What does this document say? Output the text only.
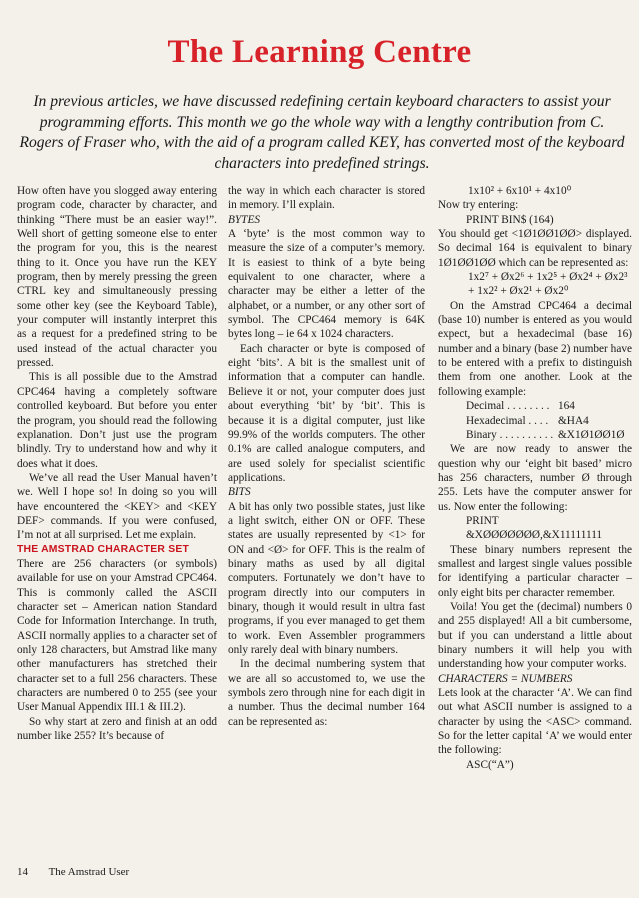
The Learning Centre
In previous articles, we have discussed redefining certain keyboard characters to assist your programming efforts. This month we go the whole way with a lengthy contribution from C. Rogers of Fraser who, with the aid of a program called KEY, has converted most of the keyboard characters into predefined strings.

How often have you slogged away entering program code, character by character, and thinking “There must be an easier way!”. Well short of getting someone else to enter the program for you, this is the nearest thing to it. Once you have run the KEY program, then by merely pressing the green CTRL key and simultaneously pressing some other key (see the Keyboard Table), your computer will instantly interpret this as a request for a predefined string to be used instead of the actual character you pressed.

This is all possible due to the Amstrad CPC464 having a completely software controlled keyboard. But before you enter the program, you should read the following explanation. Don’t just use the program blindly. Try to understand how and why it does what it does.

We’ve all read the User Manual haven’t we. Well I hope so! In doing so you will have encountered the <KEY> and <KEY DEF> commands. If you were confused, I’m not at all surprised. Let me explain.

THE AMSTRAD CHARACTER SET

There are 256 characters (or symbols) available for use on your Amstrad CPC464. This is commonly called the ASCII character set – American nation Standard Code for Information Interchange. In truth, ASCII normally applies to a character set of only 128 characters, but Amstrad like many other manufacturers has stretched their character set to a full 256 characters. These characters are numbered 0 to 255 (see your User Manual Appendix III.1 & III.2).

So why start at zero and finish at an odd number like 255? It’s because of

the way in which each character is stored in memory. I’ll explain.

BYTES

A ‘byte’ is the most common way to measure the size of a computer’s memory. It is easiest to think of a byte being equivalent to one character, where a character may be either a letter of the alphabet, or a number, or any other sort of symbol. The CPC464 memory is 64K bytes long – ie 64 x 1024 characters.

Each character or byte is composed of eight ‘bits’. A bit is the smallest unit of information that a computer can handle. Believe it or not, your computer does just about everything ‘bit’ by ‘bit’. This is because it is a digital computer, just like 99.9% of the worlds computers. The other 0.1% are called analogue computers, and are used solely for specialist scientific applications.

BITS

A bit has only two possible states, just like a light switch, either ON or OFF. These states are usually represented by <1> for ON and <Ø> for OFF. This is the realm of binary maths as used by all digital computers. Fortunately we don’t have to program directly into our computers in binary, though it would result in ultra fast programs, if you ever managed to get them to work. Even Assembler programmers only rarely deal with binary numbers.

In the decimal numbering system that we are all so accustomed to, we use the symbols zero through nine for each digit in a number. Thus the decimal number 164 can be represented as:

1x10² + 6x10¹ + 4x10⁰

Now try entering:

PRINT BIN$ (164)

You should get <1Ø1ØØ1ØØ> displayed. So decimal 164 is equivalent to binary 1Ø1ØØ1ØØ which can be represented as:

1x2⁷ + Øx2⁶ + 1x2⁵ + Øx2⁴ + Øx2³ + 1x2² + Øx2¹ + Øx2⁰

On the Amstrad CPC464 a decimal (base 10) number is entered as you would expect, but a hexadecimal (base 16) number and a binary (base 2) number have to be entered with a prefix to distinguish them from one another. Look at the following example:

Decimal . . . . . . . . 164
Hexadecimal . . . . &HA4
Binary . . . . . . . . . . &X1Ø1ØØ1Ø

We are now ready to answer the question why our ‘eight bit based’ micro has 256 characters, number Ø through 255. Lets have the computer answer for us. Now enter the following:

PRINT &XØØØØØØØ,&X11111111

These binary numbers represent the smallest and largest single values possible for identifying a particular character – only eight bits per character remember.

Voila! You get the (decimal) numbers 0 and 255 displayed! All a bit cumbersome, but if you can understand a little about binary numbers it will help you with understanding how your computer works.

CHARACTERS = NUMBERS

Lets look at the character ‘A’. We can find out what ASCII number is assigned to a character by using the <ASC> command. So for the letter capital ‘A’ we would enter the following:

ASC(“A”)

14 The Amstrad User
